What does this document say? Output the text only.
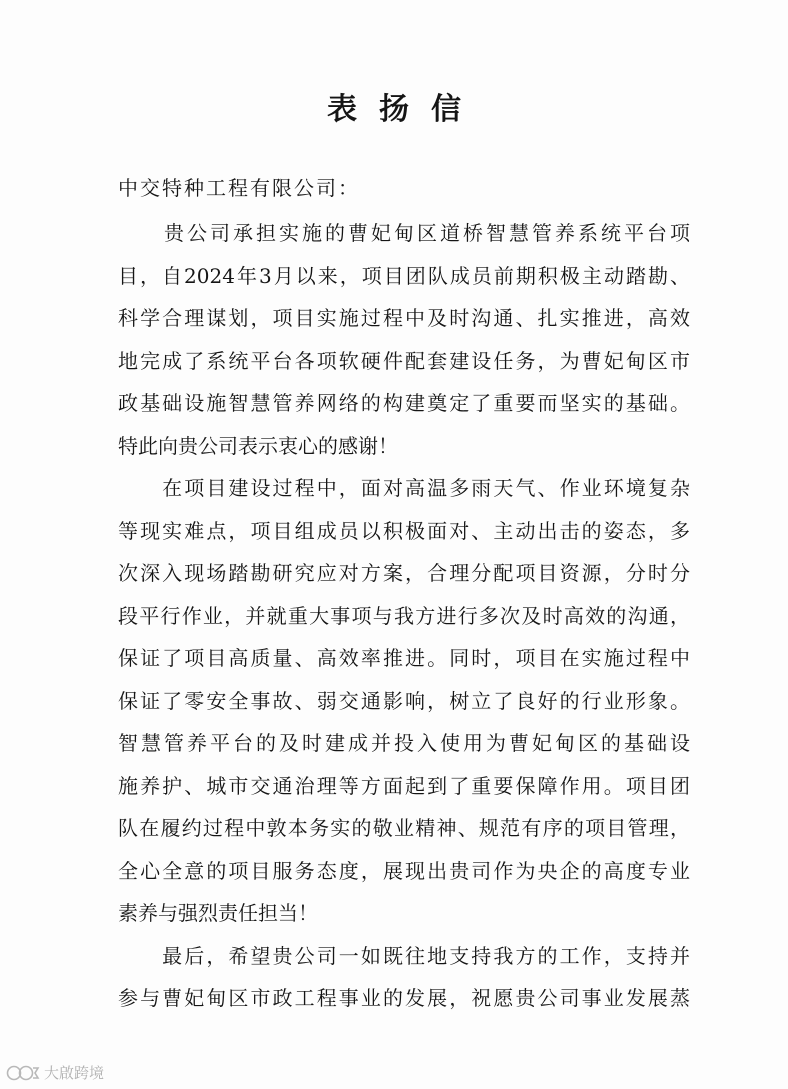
表扬信
中交特种工程有限公司：
　　贵公司承担实施的曹妃甸区道桥智慧管养系统平台项
目，自2024年3月以来，项目团队成员前期积极主动踏勘、
科学合理谋划，项目实施过程中及时沟通、扎实推进，高效
地完成了系统平台各项软硬件配套建设任务，为曹妃甸区市
政基础设施智慧管养网络的构建奠定了重要而坚实的基础。
特此向贵公司表示衷心的感谢！
　　在项目建设过程中，面对高温多雨天气、作业环境复杂
等现实难点，项目组成员以积极面对、主动出击的姿态，多
次深入现场踏勘研究应对方案，合理分配项目资源，分时分
段平行作业，并就重大事项与我方进行多次及时高效的沟通，
保证了项目高质量、高效率推进。同时，项目在实施过程中
保证了零安全事故、弱交通影响，树立了良好的行业形象。
智慧管养平台的及时建成并投入使用为曹妃甸区的基础设
施养护、城市交通治理等方面起到了重要保障作用。项目团
队在履约过程中敦本务实的敬业精神、规范有序的项目管理，
全心全意的项目服务态度，展现出贵司作为央企的高度专业
素养与强烈责任担当！
　　最后，希望贵公司一如既往地支持我方的工作，支持并
参与曹妃甸区市政工程事业的发展，祝愿贵公司事业发展蒸
大啟跨境
